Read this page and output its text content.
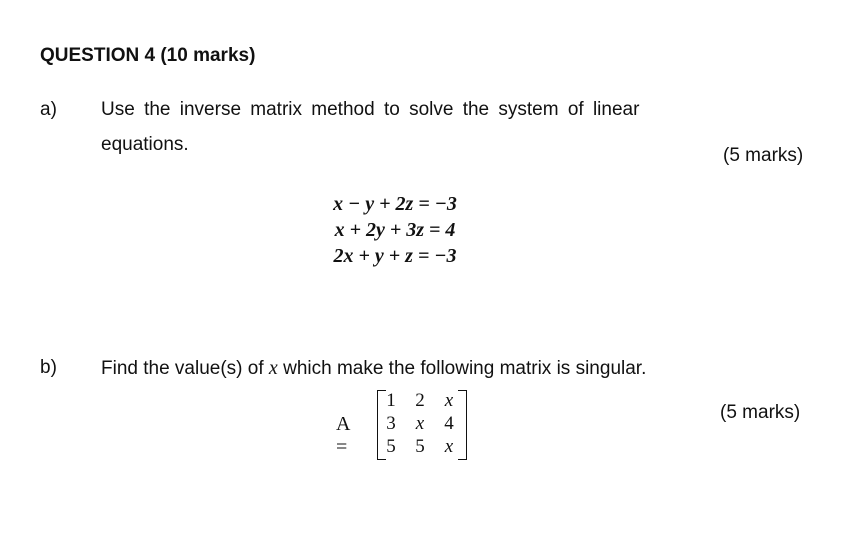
QUESTION 4 (10 marks)
a) Use the inverse matrix method to solve the system of linear
equations.
(5 marks)
x − y + 2z = −3
x + 2y + 3z = 4
2x + y + z = −3
b) Find the value(s) of x which make the following matrix is singular.
(5 marks)
A =
1 2	x
3	x	4
5 5	x
